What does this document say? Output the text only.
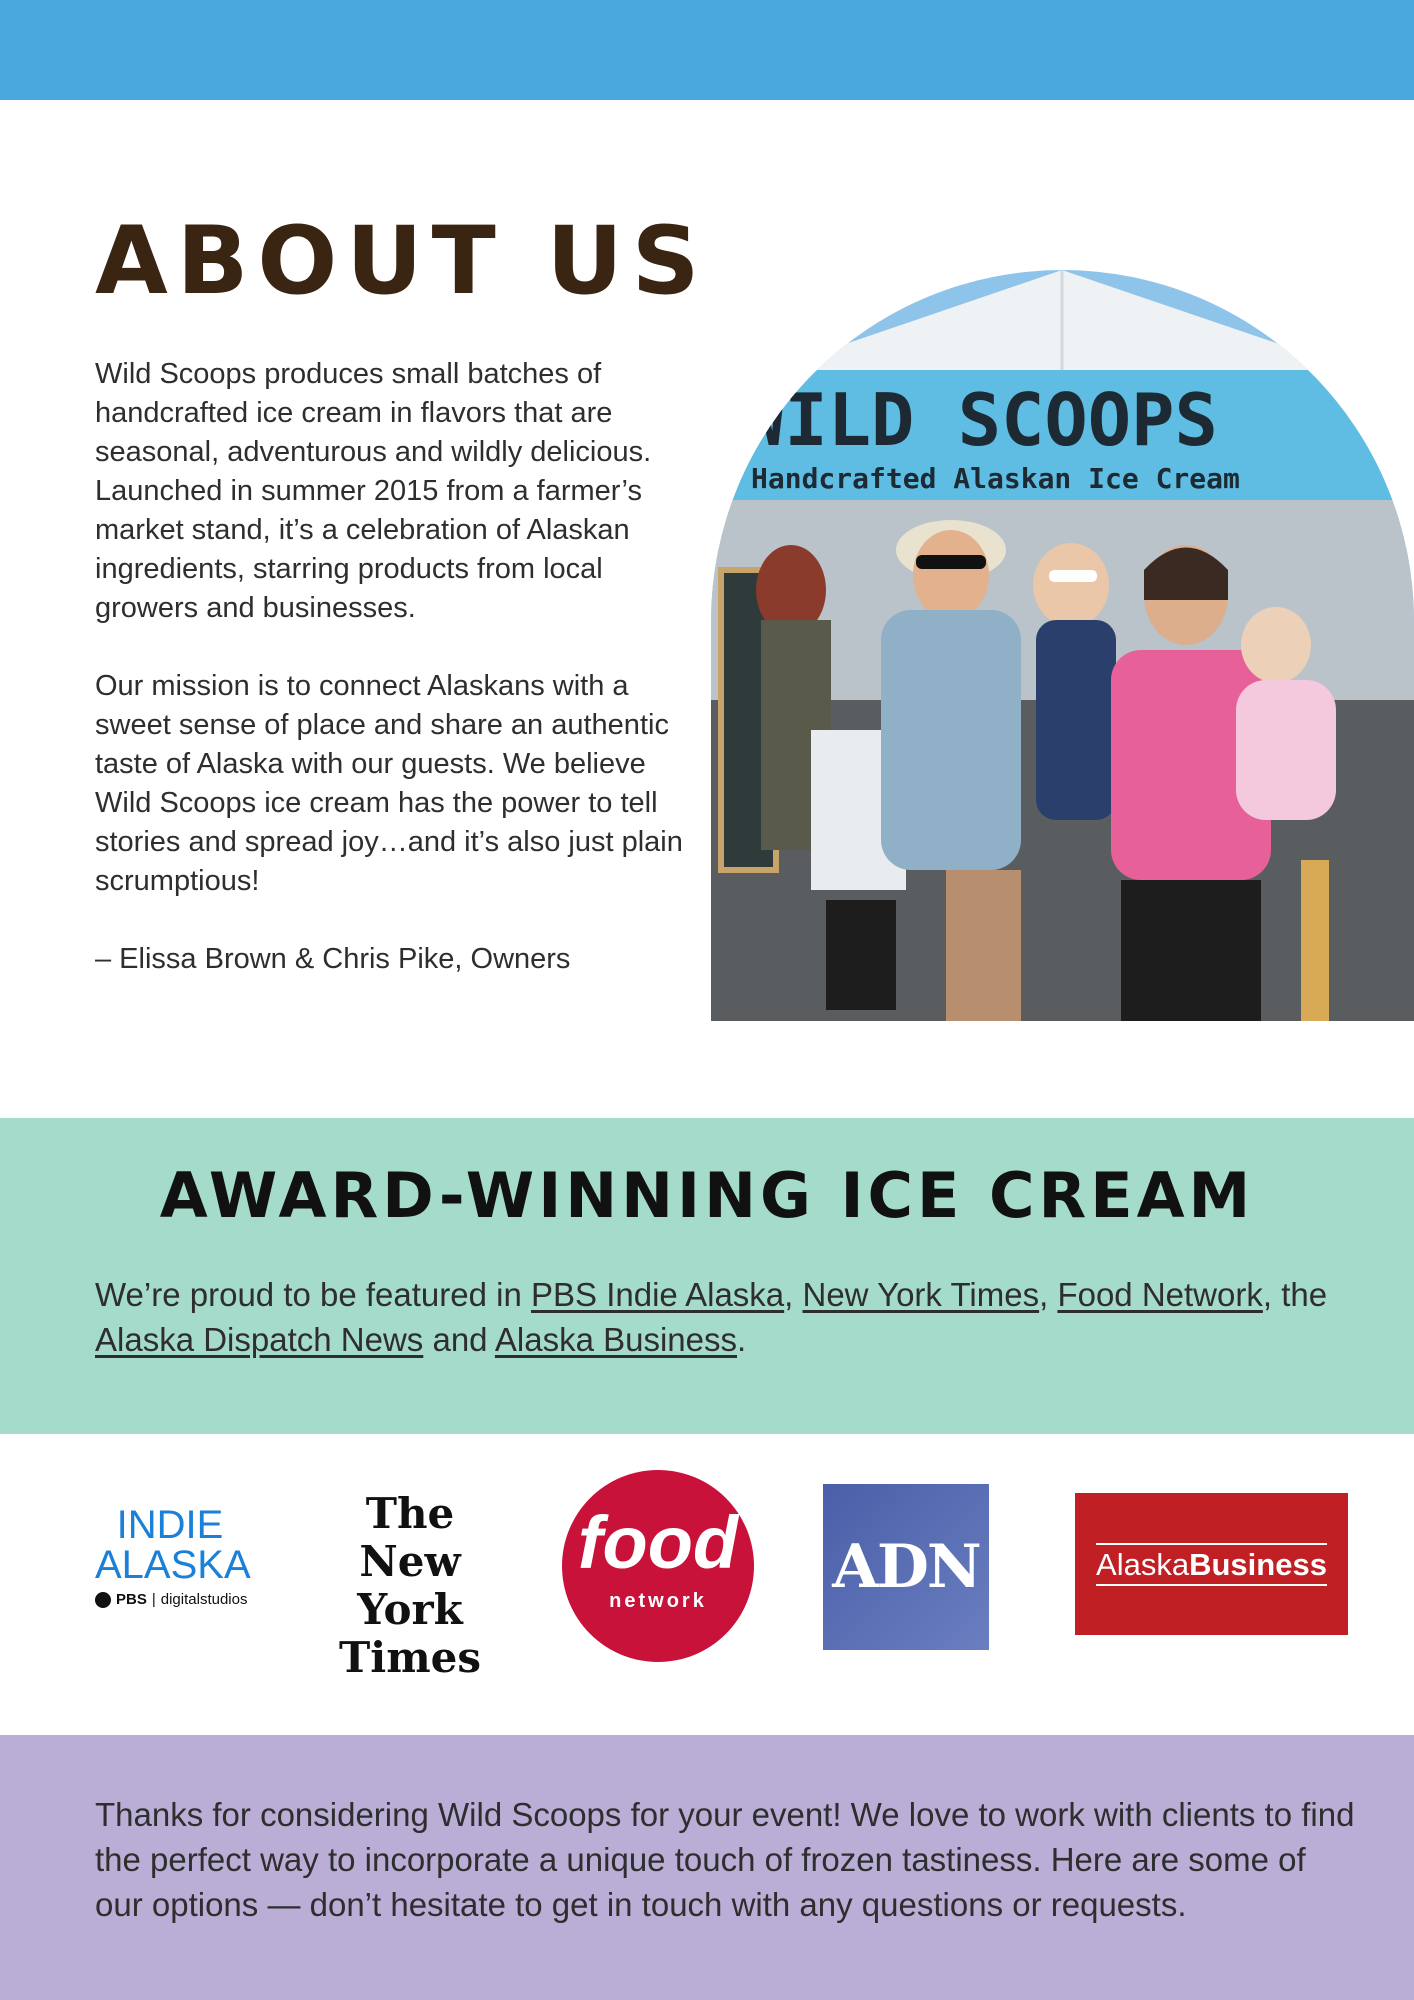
ABOUT US

Wild Scoops produces small batches of handcrafted ice cream in flavors that are seasonal, adventurous and wildly delicious. Launched in summer 2015 from a farmer’s market stand, it’s a celebration of Alaskan ingredients, starring products from local growers and businesses.

Our mission is to connect Alaskans with a sweet sense of place and share an authentic taste of Alaska with our guests. We believe Wild Scoops ice cream has the power to tell stories and spread joy…and it’s also just plain scrumptious!

– Elissa Brown & Chris Pike, Owners

WILD SCOOPS
Handcrafted Alaskan Ice Cream
AWARD-WINNING ICE CREAM

We’re proud to be featured in PBS Indie Alaska, New York Times, Food Network, the Alaska Dispatch News and Alaska Business.

INDIE
ALASKA
PBS | digitalstudios
The
New York
Times
food
network	ADN	AlaskaBusiness

Thanks for considering Wild Scoops for your event! We love to work with clients to find the perfect way to incorporate a unique touch of frozen tastiness. Here are some of our options — don’t hesitate to get in touch with any questions or requests.
